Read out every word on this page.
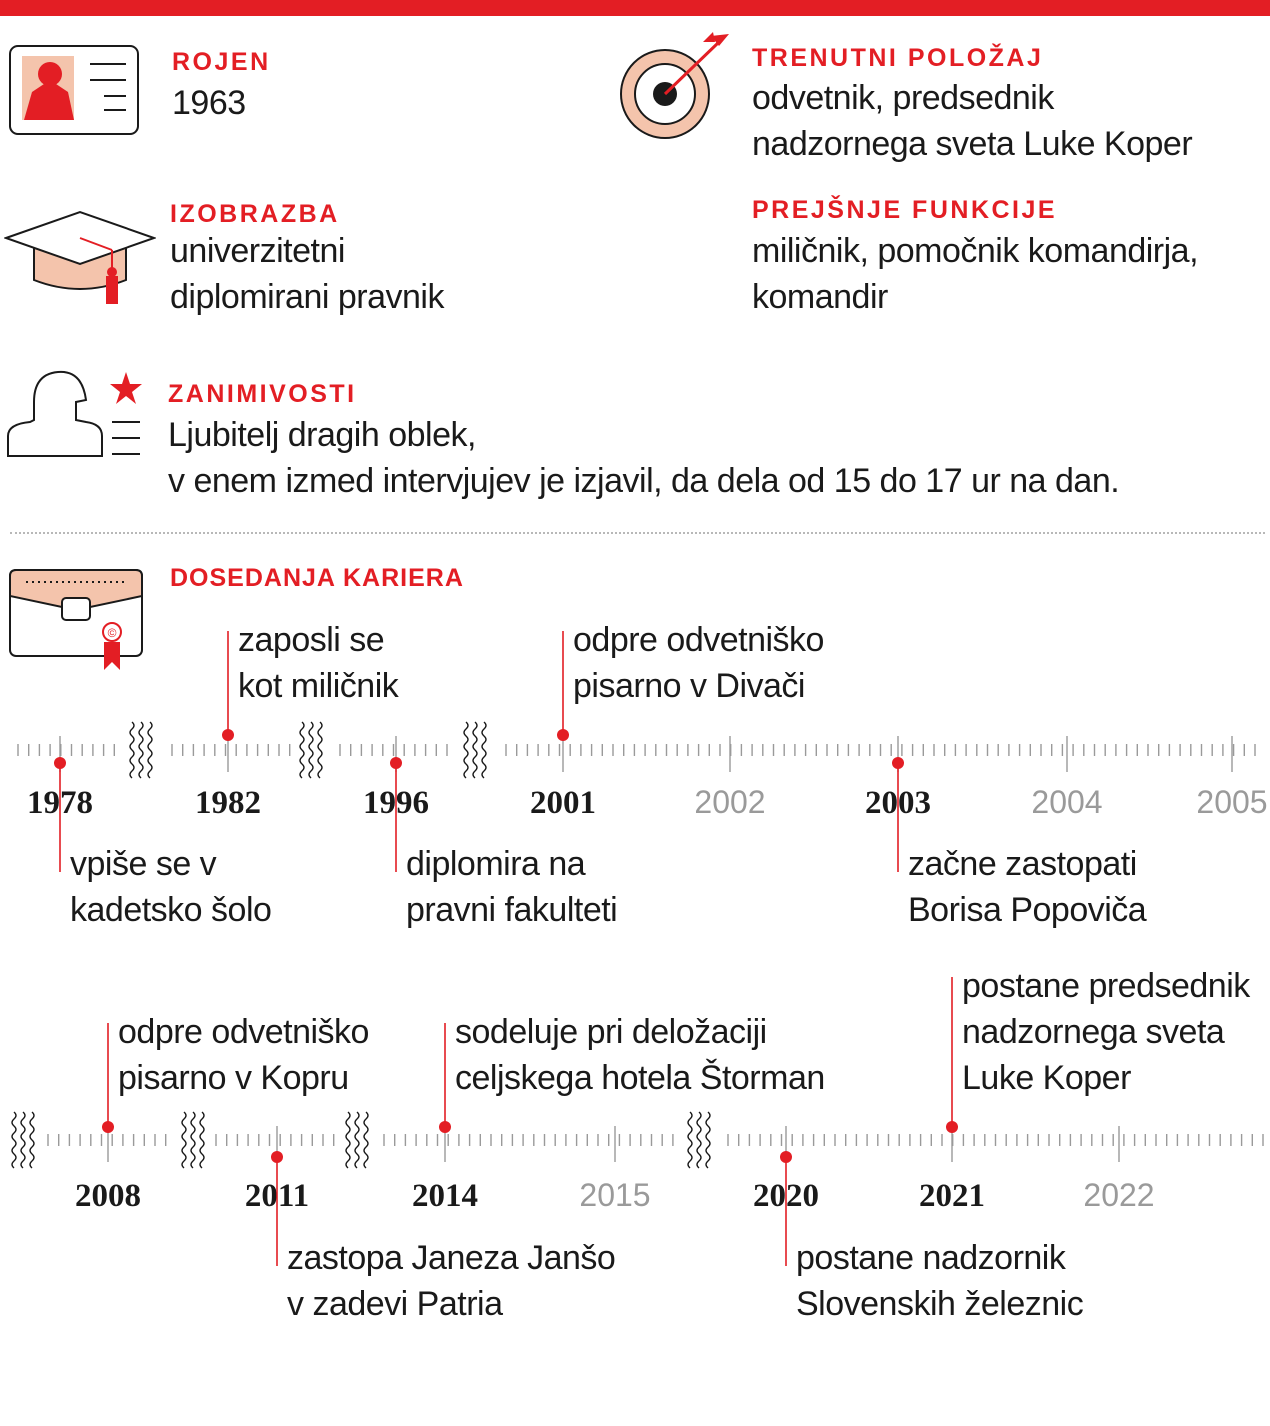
ROJEN
1963
TRENUTNI POLOŽAJ
odvetnik, predsednik
nadzornega sveta Luke Koper
IZOBRAZBA
univerzitetni
diplomirani pravnik
PREJŠNJE FUNKCIJE
miličnik, pomočnik komandirja,
komandir
ZANIMIVOSTI
Ljubitelj dragih oblek,
v enem izmed intervjujev je izjavil, da dela od 15 do 17 ur na dan.
©
DOSEDANJA KARIERA
1978
vpiše se v
kadetsko šolo
1982
zaposli se
kot miličnik
1996
diplomira na
pravni fakulteti
2001
odpre odvetniško
pisarno v Divači
2002	2003
začne zastopati
Borisa Popoviča
2004	2005
2008
odpre odvetniško
pisarno v Kopru
2011
zastopa Janeza Janšo
v zadevi Patria
2014
sodeluje pri deložaciji
celjskega hotela Štorman
2015	2020
postane nadzornik
Slovenskih železnic
2021
postane predsednik
nadzornega sveta
Luke Koper
2022
